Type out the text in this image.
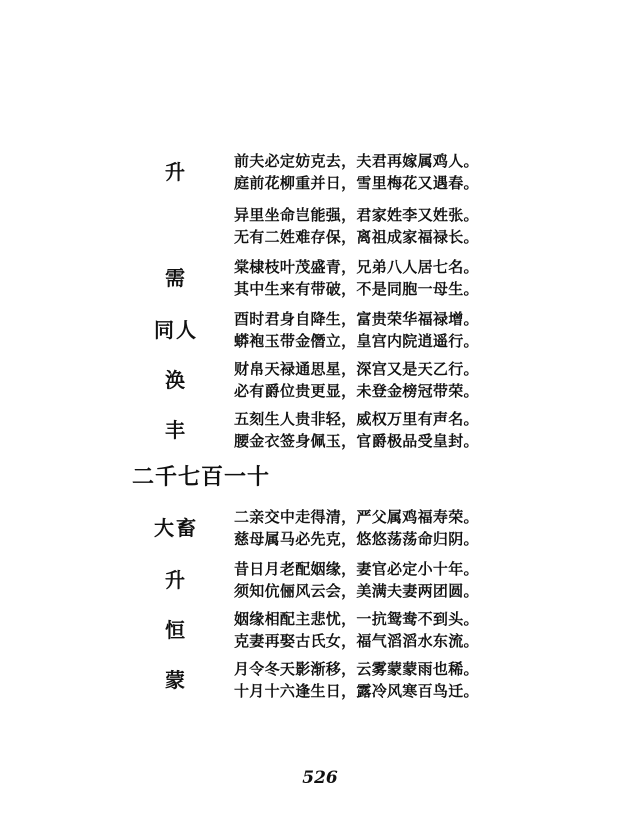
升	前夫必定妨克去，夫君再嫁属鸡人。
庭前花柳重并日，雪里梅花又遇春。
异里坐命岂能强，君家姓李又姓张。
无有二姓难存保，离祖成家福禄长。
需	棠棣枝叶茂盛青，兄弟八人居七名。
其中生来有带破，不是同胞一母生。
同人	酉时君身自降生，富贵荣华福禄增。
蟒袍玉带金僭立，皇宫内院逍遥行。
涣	财帛天禄通思星，深宫又是天乙行。
必有爵位贵更显，未登金榜冠带荣。
丰	五刻生人贵非轻，威权万里有声名。
腰金衣签身佩玉，官爵极品受皇封。
二千七百一十
大畜	二亲交中走得清，严父属鸡福寿荣。
慈母属马必先克，悠悠荡荡命归阴。
升	昔日月老配姻缘，妻官必定小十年。
须知伉俪风云会，美满夫妻两团圆。
恒	姻缘相配主悲忧，一抗鸳鸯不到头。
克妻再娶古氏女，福气滔滔水东流。
蒙	月令冬天影渐移，云雾蒙蒙雨也稀。
十月十六逢生日，露冷风寒百鸟迁。
526
